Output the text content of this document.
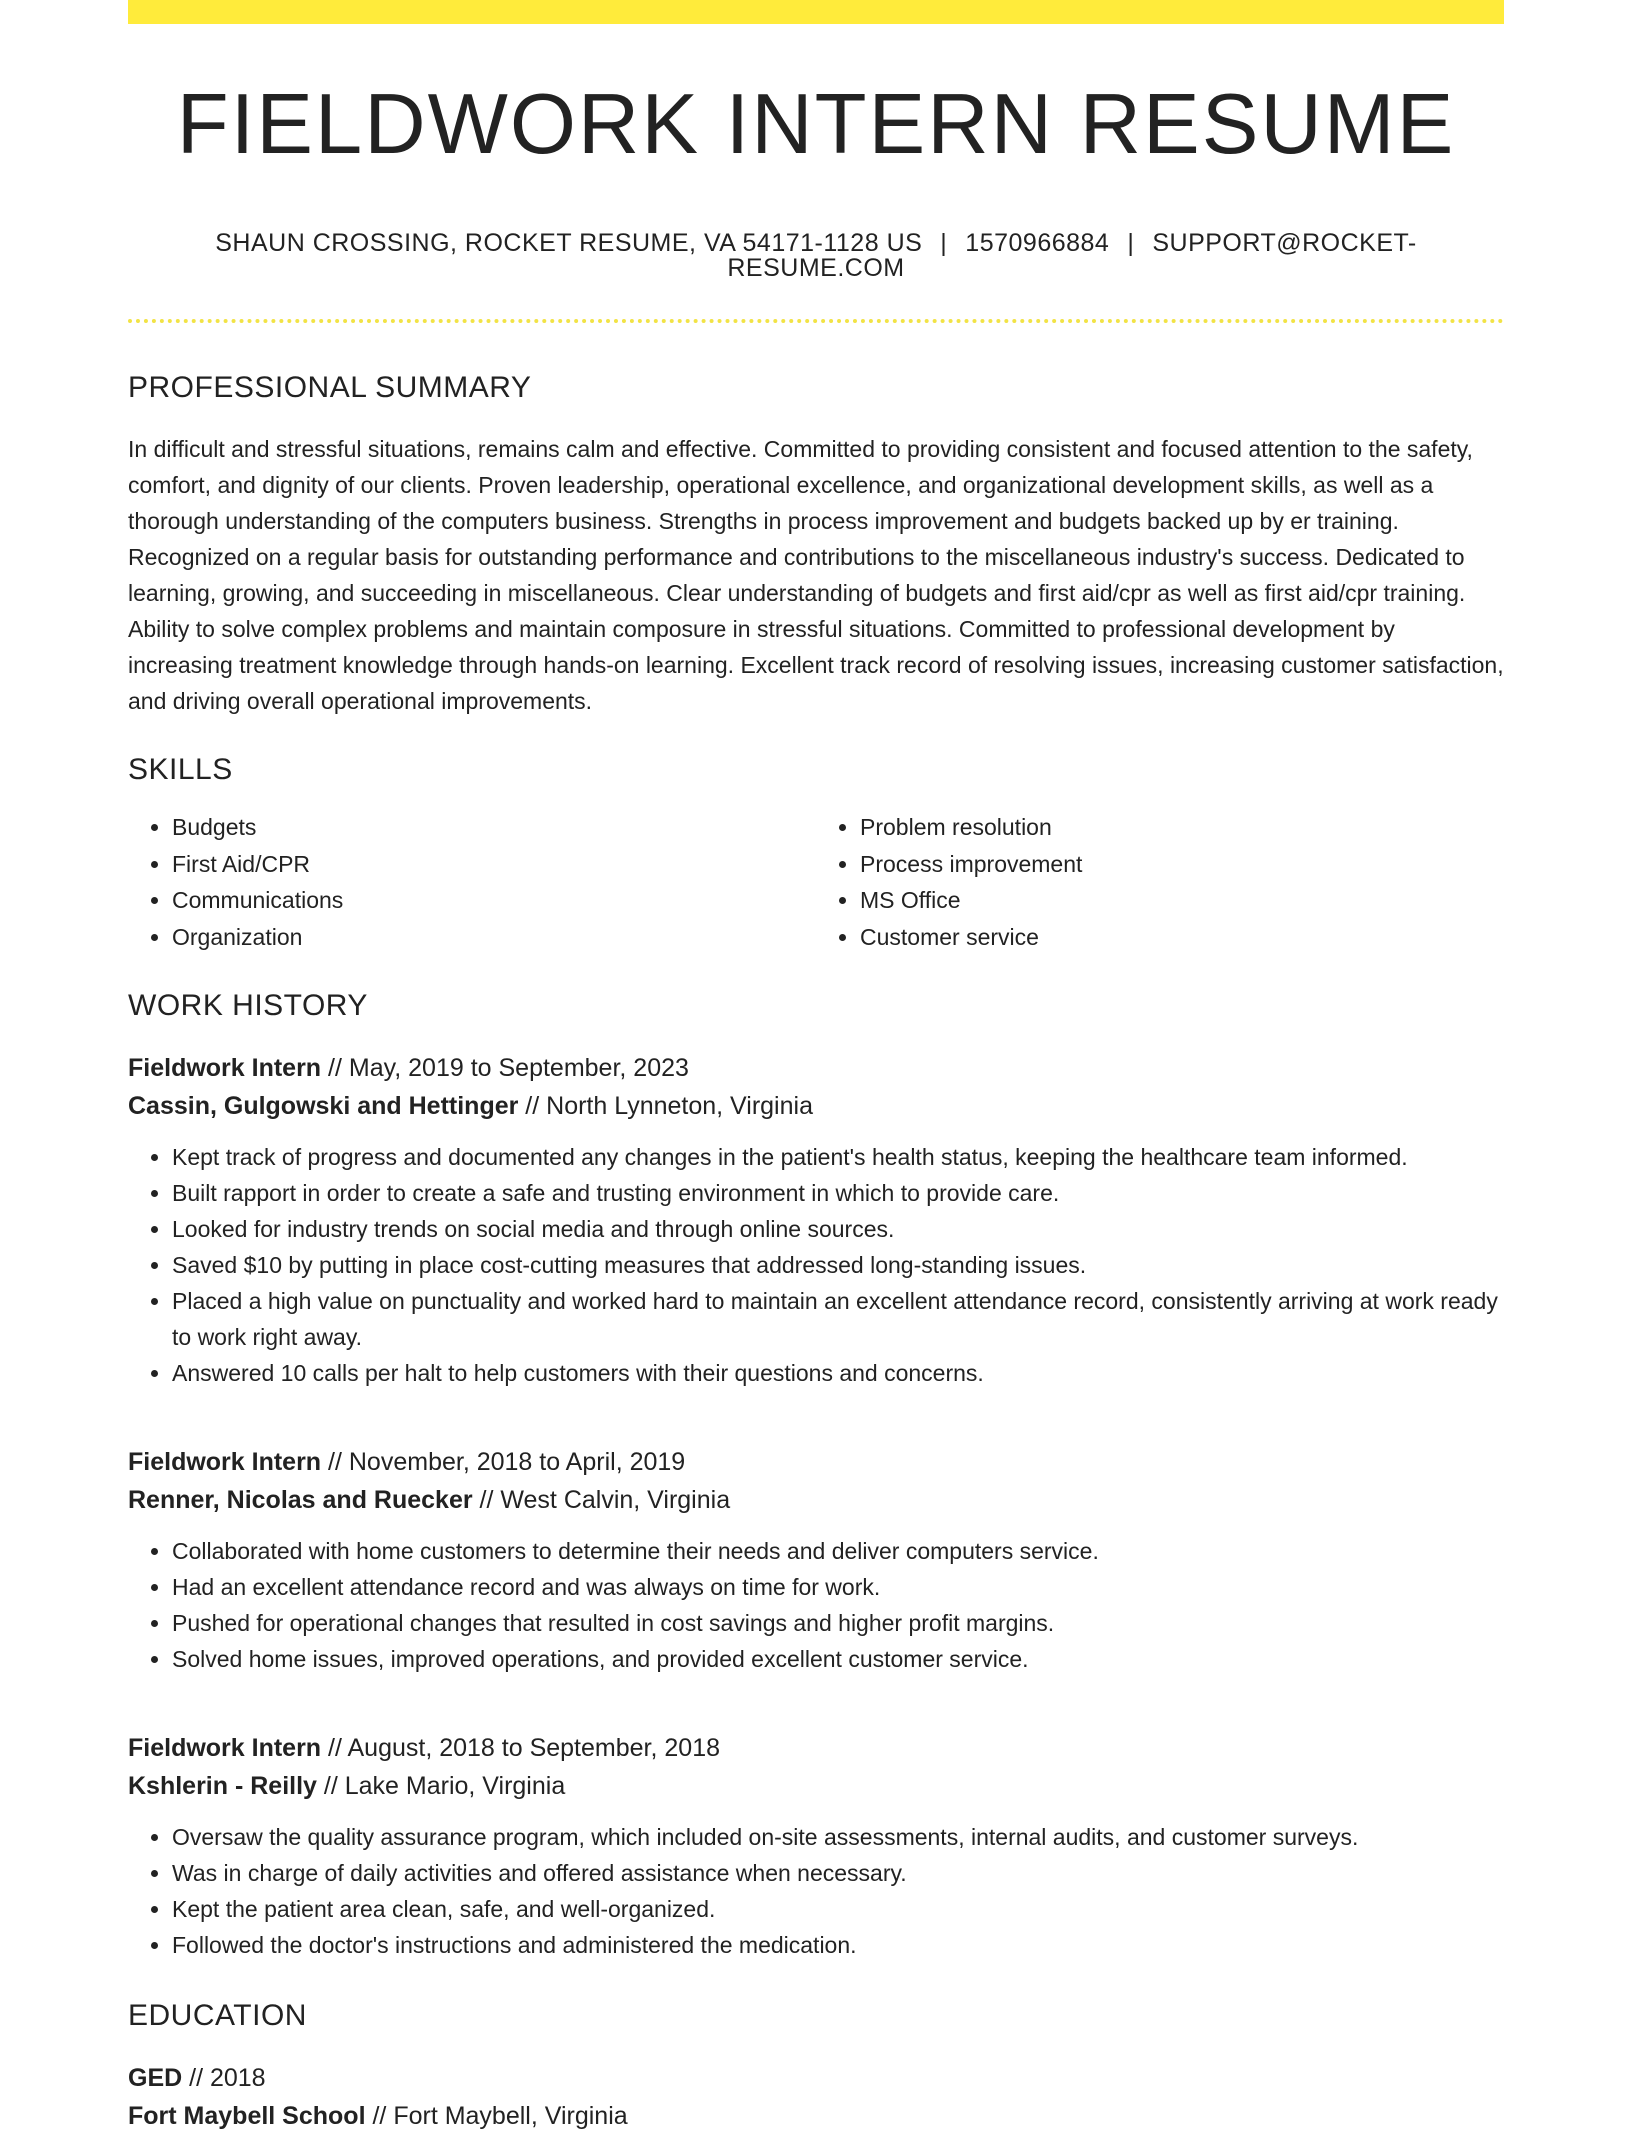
FIELDWORK INTERN RESUME
SHAUN CROSSING, ROCKET RESUME, VA 54171-1128 US | 1570966884 | SUPPORT@ROCKET-RESUME.COM
PROFESSIONAL SUMMARY

In difficult and stressful situations, remains calm and effective. Committed to providing consistent and focused attention to the safety, comfort, and dignity of our clients. Proven leadership, operational excellence, and organizational development skills, as well as a thorough understanding of the computers business. Strengths in process improvement and budgets backed up by er training. Recognized on a regular basis for outstanding performance and contributions to the miscellaneous industry's success. Dedicated to learning, growing, and succeeding in miscellaneous. Clear understanding of budgets and first aid/cpr as well as first aid/cpr training. Ability to solve complex problems and maintain composure in stressful situations. Committed to professional development by increasing treatment knowledge through hands-on learning. Excellent track record of resolving issues, increasing customer satisfaction, and driving overall operational improvements.

SKILLS
• Budgets
• First Aid/CPR
• Communications
• Organization
• Problem resolution
• Process improvement
• MS Office
• Customer service
WORK HISTORY

Fieldwork Intern // May, 2019 to September, 2023

Cassin, Gulgowski and Hettinger // North Lynneton, Virginia

• Kept track of progress and documented any changes in the patient's health status, keeping the healthcare team informed.
• Built rapport in order to create a safe and trusting environment in which to provide care.
• Looked for industry trends on social media and through online sources.
• Saved $10 by putting in place cost-cutting measures that addressed long-standing issues.
• Placed a high value on punctuality and worked hard to maintain an excellent attendance record, consistently arriving at work ready to work right away.
• Answered 10 calls per halt to help customers with their questions and concerns.

Fieldwork Intern // November, 2018 to April, 2019

Renner, Nicolas and Ruecker // West Calvin, Virginia

• Collaborated with home customers to determine their needs and deliver computers service.
• Had an excellent attendance record and was always on time for work.
• Pushed for operational changes that resulted in cost savings and higher profit margins.
• Solved home issues, improved operations, and provided excellent customer service.

Fieldwork Intern // August, 2018 to September, 2018

Kshlerin - Reilly // Lake Mario, Virginia

• Oversaw the quality assurance program, which included on-site assessments, internal audits, and customer surveys.
• Was in charge of daily activities and offered assistance when necessary.
• Kept the patient area clean, safe, and well-organized.
• Followed the doctor's instructions and administered the medication.
EDUCATION

GED // 2018

Fort Maybell School // Fort Maybell, Virginia
